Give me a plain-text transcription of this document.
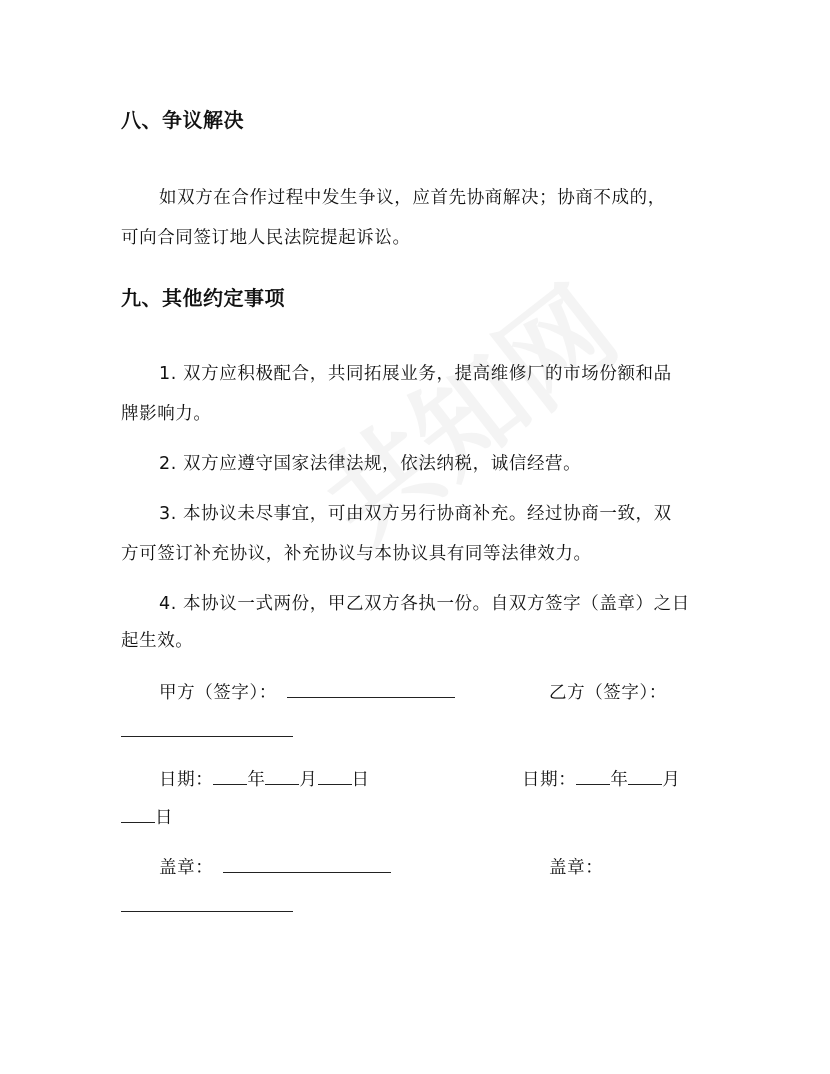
八、争议解决
如双方在合作过程中发生争议，应首先协商解决；协商不成的，
可向合同签订地人民法院提起诉讼。
九、其他约定事项
1. 双方应积极配合，共同拓展业务，提高维修厂的市场份额和品
牌影响力。
2. 双方应遵守国家法律法规，依法纳税，诚信经营。
3. 本协议未尽事宜，可由双方另行协商补充。经过协商一致，双
方可签订补充协议，补充协议与本协议具有同等法律效力。
4. 本协议一式两份，甲乙双方各执一份。自双方签字（盖章）之日
起生效。
甲方（签字）：	乙方（签字）：
日期： 年 月 日	日期： 年 月
日
盖章：	盖章：
